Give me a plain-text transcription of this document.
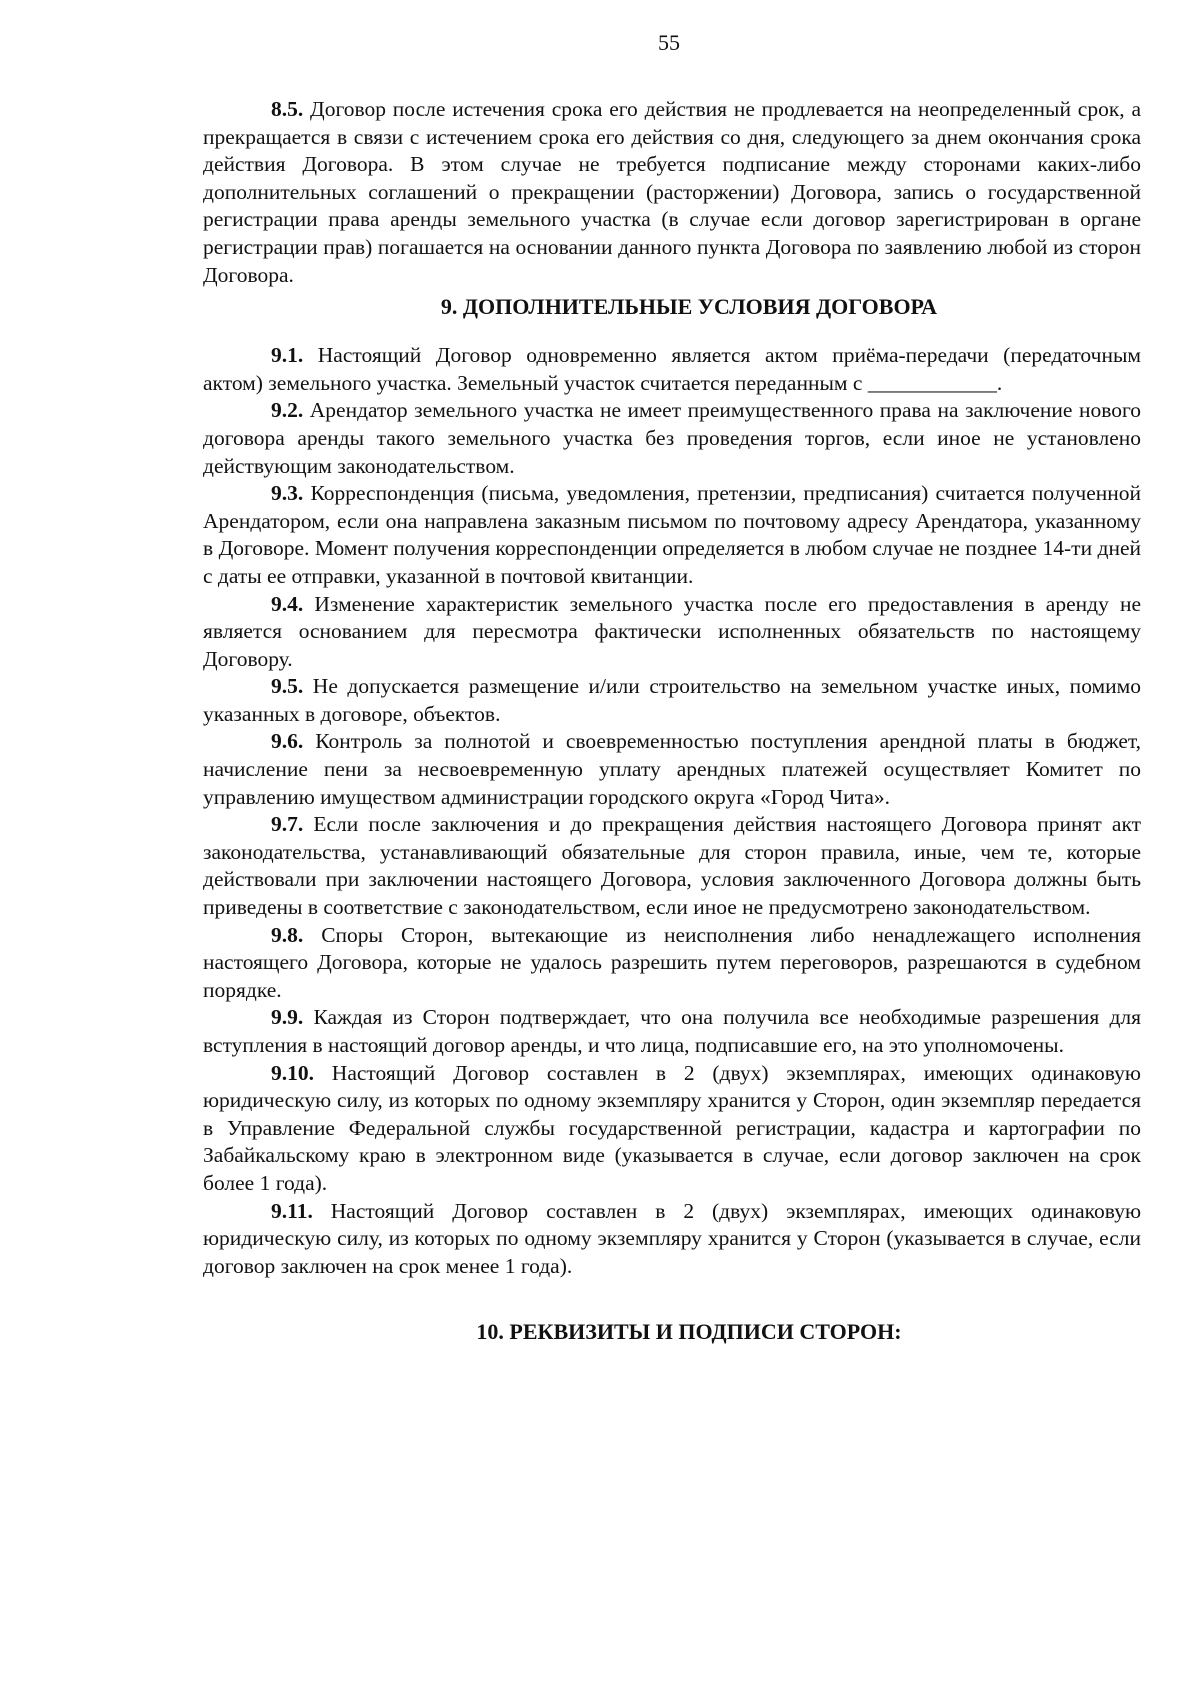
55

8.5. Договор после истечения срока его действия не продлевается на неопределенный срок, а прекращается в связи с истечением срока его действия со дня, следующего за днем окончания срока действия Договора. В этом случае не требуется подписание между сторонами каких-либо дополнительных соглашений о прекращении (расторжении) Договора, запись о государственной регистрации права аренды земельного участка (в случае если договор зарегистрирован в органе регистрации прав) погашается на основании данного пункта Договора по заявлению любой из сторон Договора.

9. ДОПОЛНИТЕЛЬНЫЕ УСЛОВИЯ ДОГОВОРА

9.1. Настоящий Договор одновременно является актом приёма-передачи (передаточным актом) земельного участка. Земельный участок считается переданным с ____________.

9.2. Арендатор земельного участка не имеет преимущественного права на заключение нового договора аренды такого земельного участка без проведения торгов, если иное не установлено действующим законодательством.

9.3. Корреспонденция (письма, уведомления, претензии, предписания) считается полученной Арендатором, если она направлена заказным письмом по почтовому адресу Арендатора, указанному в Договоре. Момент получения корреспонденции определяется в любом случае не позднее 14-ти дней с даты ее отправки, указанной в почтовой квитанции.

9.4. Изменение характеристик земельного участка после его предоставления в аренду не является основанием для пересмотра фактически исполненных обязательств по настоящему Договору.

9.5. Не допускается размещение и/или строительство на земельном участке иных, помимо указанных в договоре, объектов.

9.6. Контроль за полнотой и своевременностью поступления арендной платы в бюджет, начисление пени за несвоевременную уплату арендных платежей осуществляет Комитет по управлению имуществом администрации городского округа «Город Чита».

9.7. Если после заключения и до прекращения действия настоящего Договора принят акт законодательства, устанавливающий обязательные для сторон правила, иные, чем те, которые действовали при заключении настоящего Договора, условия заключенного Договора должны быть приведены в соответствие с законодательством, если иное не предусмотрено законодательством.

9.8. Споры Сторон, вытекающие из неисполнения либо ненадлежащего исполнения настоящего Договора, которые не удалось разрешить путем переговоров, разрешаются в судебном порядке.

9.9. Каждая из Сторон подтверждает, что она получила все необходимые разрешения для вступления в настоящий договор аренды, и что лица, подписавшие его, на это уполномочены.

9.10. Настоящий Договор составлен в 2 (двух) экземплярах, имеющих одинаковую юридическую силу, из которых по одному экземпляру хранится у Сторон, один экземпляр передается в Управление Федеральной службы государственной регистрации, кадастра и картографии по Забайкальскому краю в электронном виде (указывается в случае, если договор заключен на срок более 1 года).

9.11. Настоящий Договор составлен в 2 (двух) экземплярах, имеющих одинаковую юридическую силу, из которых по одному экземпляру хранится у Сторон (указывается в случае, если договор заключен на срок менее 1 года).

10. РЕКВИЗИТЫ И ПОДПИСИ СТОРОН:
